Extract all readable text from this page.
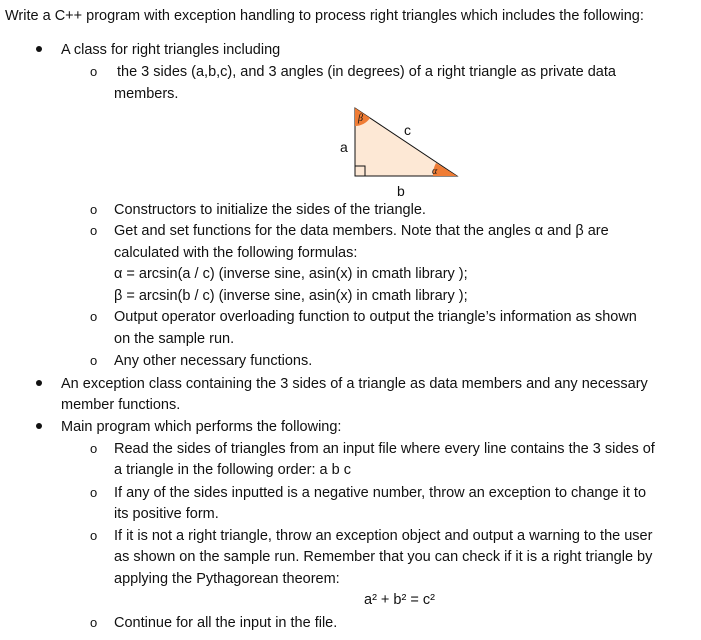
Write a C++ program with exception handling to process right triangles which includes the following:
A class for right triangles including
o the 3 sides (a,b,c), and 3 angles (in degrees) of a right triangle as private data
members.
β
α
a
c
b
o Constructors to initialize the sides of the triangle.
o Get and set functions for the data members. Note that the angles α and β are
calculated with the following formulas:
α = arcsin(a / c) (inverse sine, asin(x) in cmath library );
β = arcsin(b / c) (inverse sine, asin(x) in cmath library );
o Output operator overloading function to output the triangle’s information as shown
on the sample run.
o Any other necessary functions.
An exception class containing the 3 sides of a triangle as data members and any necessary
member functions.
Main program which performs the following:
o Read the sides of triangles from an input file where every line contains the 3 sides of
a triangle in the following order: a b c
o If any of the sides inputted is a negative number, throw an exception to change it to
its positive form.
o If it is not a right triangle, throw an exception object and output a warning to the user
as shown on the sample run. Remember that you can check if it is a right triangle by
applying the Pythagorean theorem:
a² + b² = c²
o Continue for all the input in the file.
